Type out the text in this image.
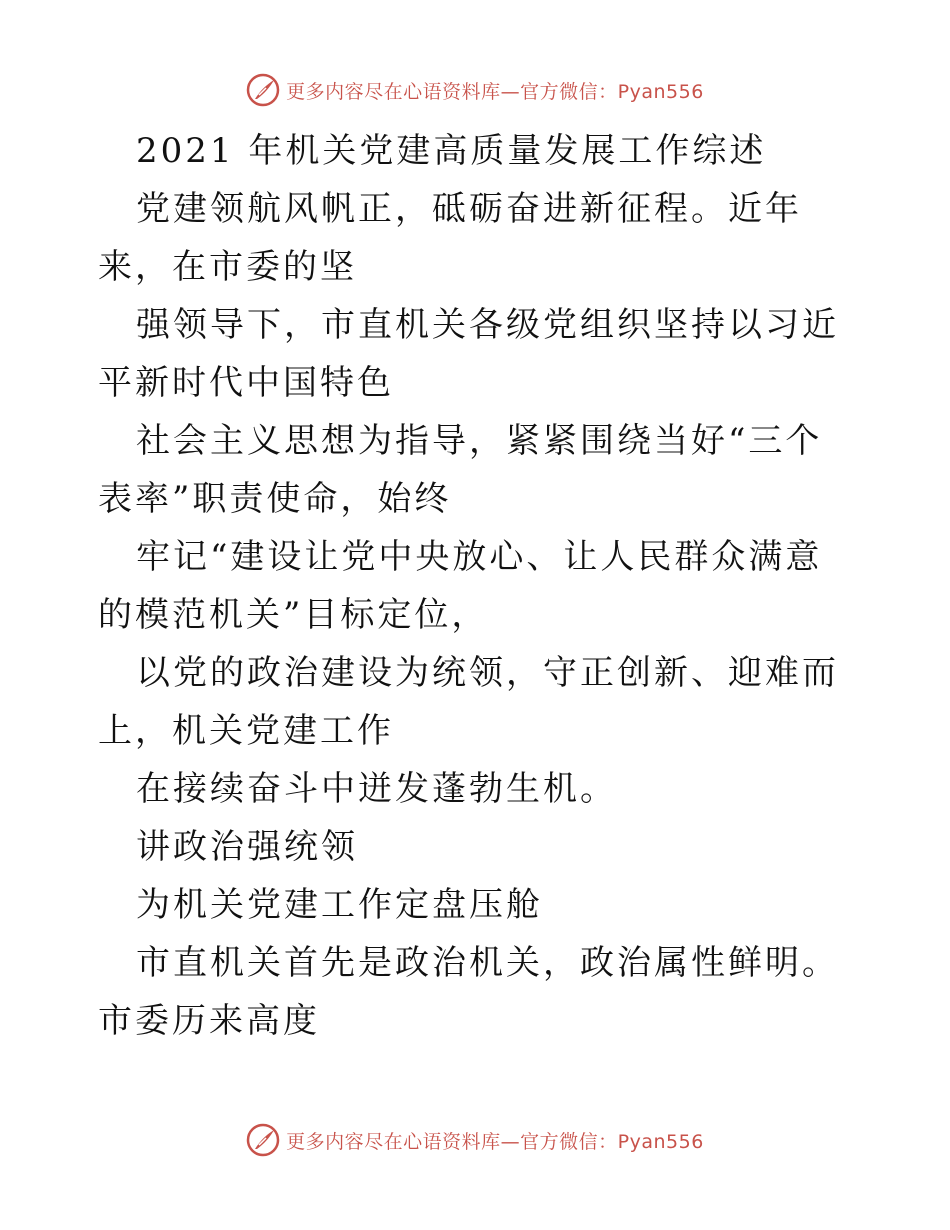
更多内容尽在心语资料库—官方微信：Pyan556

2021 年机关党建高质量发展工作综述

党建领航风帆正，砥砺奋进新征程。近年来，在市委的坚

强领导下，市直机关各级党组织坚持以习近平新时代中国特色

社会主义思想为指导，紧紧围绕当好“三个表率”职责使命，始终

牢记“建设让党中央放心、让人民群众满意的模范机关”目标定位，

以党的政治建设为统领，守正创新、迎难而上，机关党建工作

在接续奋斗中迸发蓬勃生机。

讲政治强统领

为机关党建工作定盘压舱

市直机关首先是政治机关，政治属性鲜明。市委历来高度

更多内容尽在心语资料库—官方微信：Pyan556
